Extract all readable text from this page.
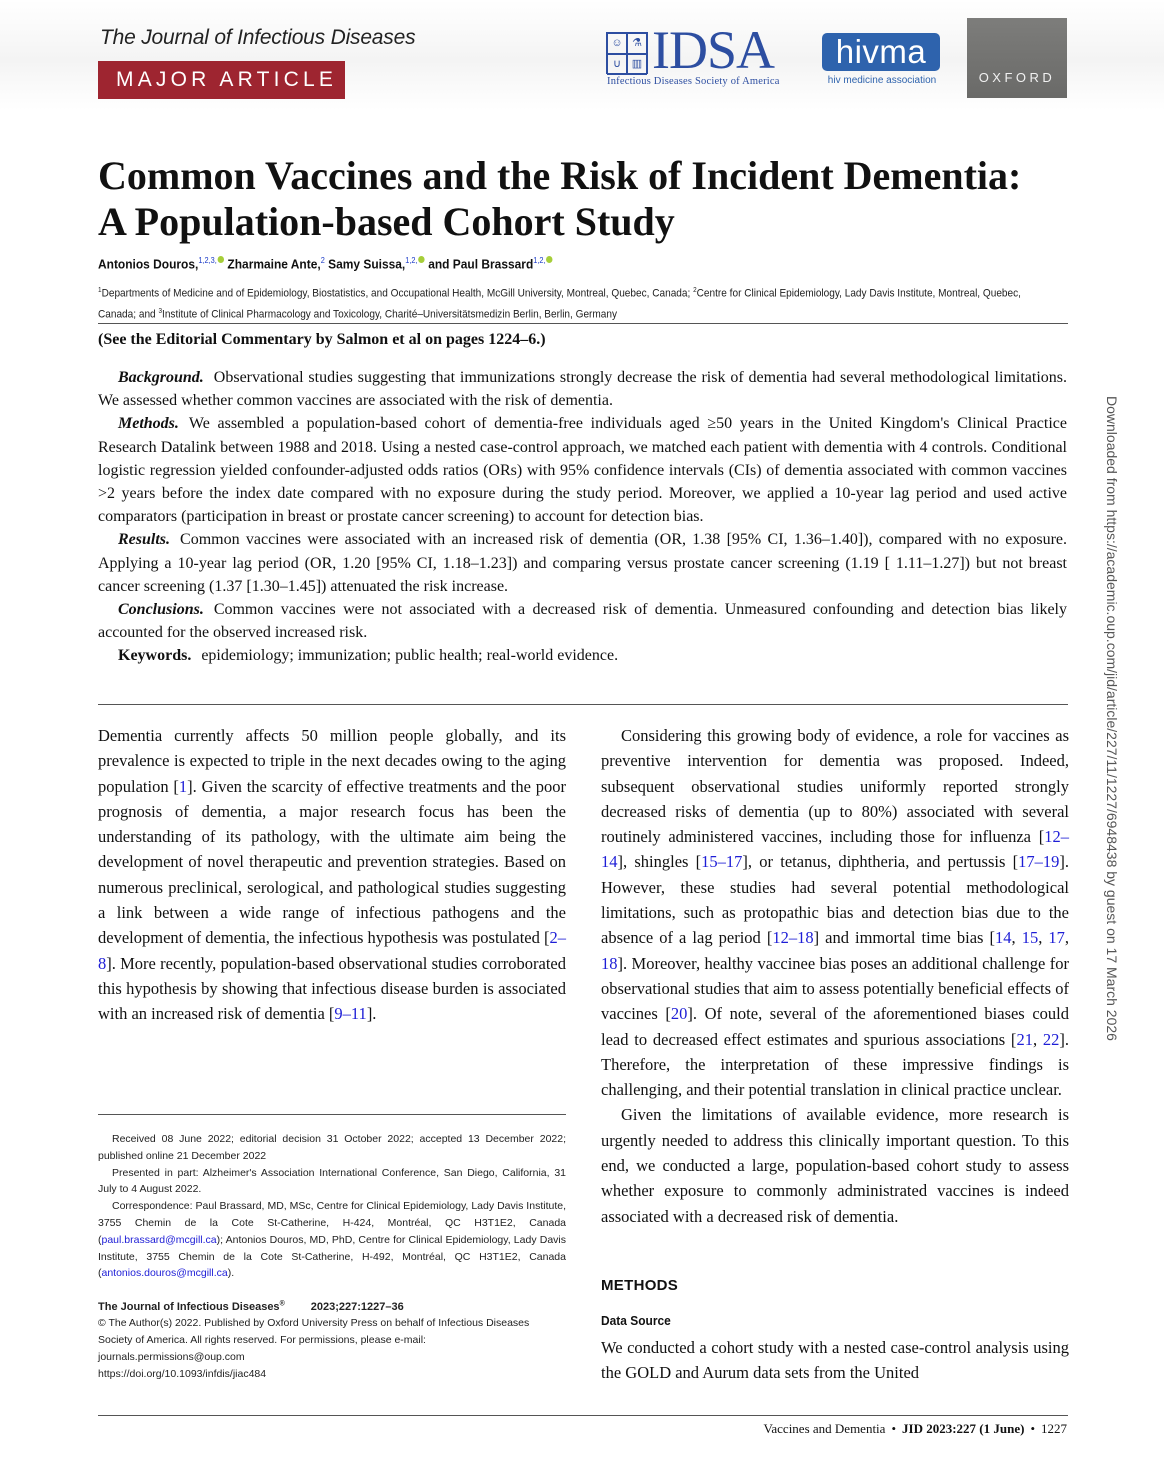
The Journal of Infectious Diseases
MAJOR ARTICLE
☺ ⚗
∪ ▥ IDSA
Infectious Diseases Society of America
hivma
hiv medicine association	OXFORD
Common Vaccines and the Risk of Incident Dementia:
A Population-based Cohort Study
Antonios Douros,$^{1,2,3,}$ Zharmaine Ante,$^2$ Samy Suissa,$^{1,2,}$ and Paul Brassard$^{1,2,}$
$^1$Departments of Medicine and of Epidemiology, Biostatistics, and Occupational Health, McGill University, Montreal, Quebec, Canada; $^2$Centre for Clinical Epidemiology, Lady Davis Institute, Montreal, Quebec, Canada; and $^3$Institute of Clinical Pharmacology and Toxicology, Charité–Universitätsmedizin Berlin, Berlin, Germany
(See the Editorial Commentary by Salmon et al on pages 1224–6.)

Background. Observational studies suggesting that immunizations strongly decrease the risk of dementia had several methodological limitations. We assessed whether common vaccines are associated with the risk of dementia.

Methods. We assembled a population-based cohort of dementia-free individuals aged ≥50 years in the United Kingdom's Clinical Practice Research Datalink between 1988 and 2018. Using a nested case-control approach, we matched each patient with dementia with 4 controls. Conditional logistic regression yielded confounder-adjusted odds ratios (ORs) with 95% confidence intervals (CIs) of dementia associated with common vaccines >2 years before the index date compared with no exposure during the study period. Moreover, we applied a 10-year lag period and used active comparators (participation in breast or prostate cancer screening) to account for detection bias.

Results. Common vaccines were associated with an increased risk of dementia (OR, 1.38 [95% CI, 1.36–1.40]), compared with no exposure. Applying a 10-year lag period (OR, 1.20 [95% CI, 1.18–1.23]) and comparing versus prostate cancer screening (1.19 [ 1.11–1.27]) but not breast cancer screening (1.37 [1.30–1.45]) attenuated the risk increase.

Conclusions. Common vaccines were not associated with a decreased risk of dementia. Unmeasured confounding and detection bias likely accounted for the observed increased risk.

Keywords. epidemiology; immunization; public health; real-world evidence.

Dementia currently affects 50 million people globally, and its prevalence is expected to triple in the next decades owing to the aging population [1]. Given the scarcity of effective treatments and the poor prognosis of dementia, a major research focus has been the understanding of its pathology, with the ultimate aim being the development of novel therapeutic and prevention strategies. Based on numerous preclinical, serological, and pathological studies suggesting a link between a wide range of infectious pathogens and the development of dementia, the infectious hypothesis was postulated [2–8]. More recently, population-based observational studies corroborated this hypothesis by showing that infectious disease burden is associated with an increased risk of dementia [9–11].

Received 08 June 2022; editorial decision 31 October 2022; accepted 13 December 2022; published online 21 December 2022

Presented in part: Alzheimer's Association International Conference, San Diego, California, 31 July to 4 August 2022.

Correspondence: Paul Brassard, MD, MSc, Centre for Clinical Epidemiology, Lady Davis Institute, 3755 Chemin de la Cote St-Catherine, H-424, Montréal, QC H3T1E2, Canada (paul.brassard@mcgill.ca); Antonios Douros, MD, PhD, Centre for Clinical Epidemiology, Lady Davis Institute, 3755 Chemin de la Cote St-Catherine, H-492, Montréal, QC H3T1E2, Canada (antonios.douros@mcgill.ca).

The Journal of Infectious Diseases® 2023;227:1227–36
© The Author(s) 2022. Published by Oxford University Press on behalf of Infectious Diseases Society of America. All rights reserved. For permissions, please e-mail: journals.permissions@oup.com
https://doi.org/10.1093/infdis/jiac484

Considering this growing body of evidence, a role for vaccines as preventive intervention for dementia was proposed. Indeed, subsequent observational studies uniformly reported strongly decreased risks of dementia (up to 80%) associated with several routinely administered vaccines, including those for influenza [12–14], shingles [15–17], or tetanus, diphtheria, and pertussis [17–19]. However, these studies had several potential methodological limitations, such as protopathic bias and detection bias due to the absence of a lag period [12–18] and immortal time bias [14, 15, 17, 18]. Moreover, healthy vaccinee bias poses an additional challenge for observational studies that aim to assess potentially beneficial effects of vaccines [20]. Of note, several of the aforementioned biases could lead to decreased effect estimates and spurious associations [21, 22]. Therefore, the interpretation of these impressive findings is challenging, and their potential translation in clinical practice unclear.

Given the limitations of available evidence, more research is urgently needed to address this clinically important question. To this end, we conducted a large, population-based cohort study to assess whether exposure to commonly administrated vaccines is indeed associated with a decreased risk of dementia.

METHODS
Data Source
We conducted a cohort study with a nested case-control analysis using the GOLD and Aurum data sets from the United
Vaccines and Dementia • JID 2023:227 (1 June) • 1227
Downloaded from https://academic.oup.com/jid/article/227/11/1227/6948438 by guest on 17 March 2026
